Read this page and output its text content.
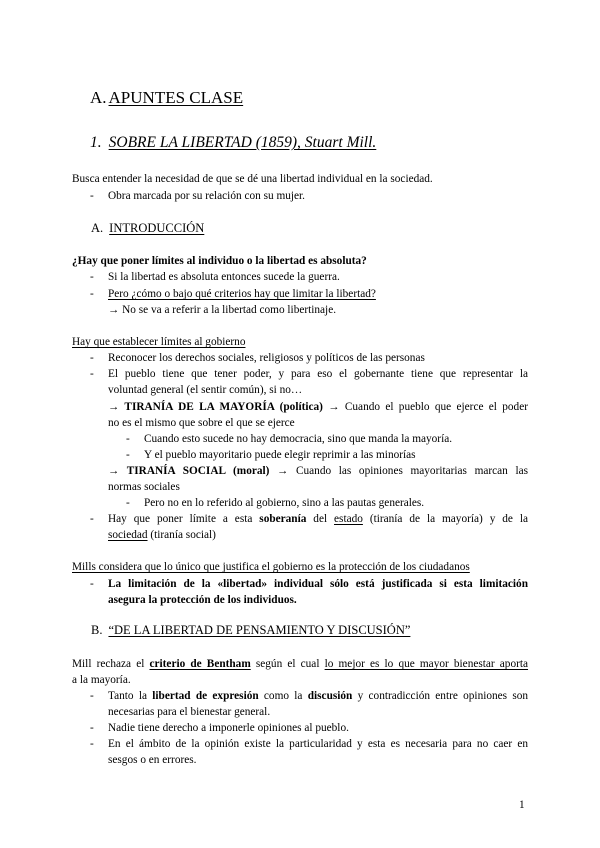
A. APUNTES CLASE
1. SOBRE LA LIBERTAD (1859), Stuart Mill.
Busca entender la necesidad de que se dé una libertad individual en la sociedad.
- Obra marcada por su relación con su mujer.
A. INTRODUCCIÓN
¿Hay que poner límites al individuo o la libertad es absoluta?
- Si la libertad es absoluta entonces sucede la guerra.
- Pero ¿cómo o bajo qué criterios hay que limitar la libertad?
→ No se va a referir a la libertad como libertinaje.
Hay que establecer límites al gobierno
- Reconocer los derechos sociales, religiosos y políticos de las personas
- El pueblo tiene que tener poder, y para eso el gobernante tiene que representar la
voluntad general (el sentir común), si no…
→ TIRANÍA DE LA MAYORÍA (política) → Cuando el pueblo que ejerce el poder
no es el mismo que sobre el que se ejerce
- Cuando esto sucede no hay democracia, sino que manda la mayoría.
- Y el pueblo mayoritario puede elegir reprimir a las minorías
→ TIRANÍA SOCIAL (moral) → Cuando las opiniones mayoritarias marcan las
normas sociales
- Pero no en lo referido al gobierno, sino a las pautas generales.
- Hay que poner límite a esta soberanía del estado (tiranía de la mayoría) y de la
sociedad (tiranía social)
Mills considera que lo único que justifica el gobierno es la protección de los ciudadanos
- La limitación de la «libertad» individual sólo está justificada si esta limitación
asegura la protección de los individuos.
B. “DE LA LIBERTAD DE PENSAMIENTO Y DISCUSIÓN”
Mill rechaza el criterio de Bentham según el cual lo mejor es lo que mayor bienestar aporta
a la mayoría.
- Tanto la libertad de expresión como la discusión y contradicción entre opiniones son
necesarias para el bienestar general.
- Nadie tiene derecho a imponerle opiniones al pueblo.
- En el ámbito de la opinión existe la particularidad y esta es necesaria para no caer en
sesgos o en errores.
1
